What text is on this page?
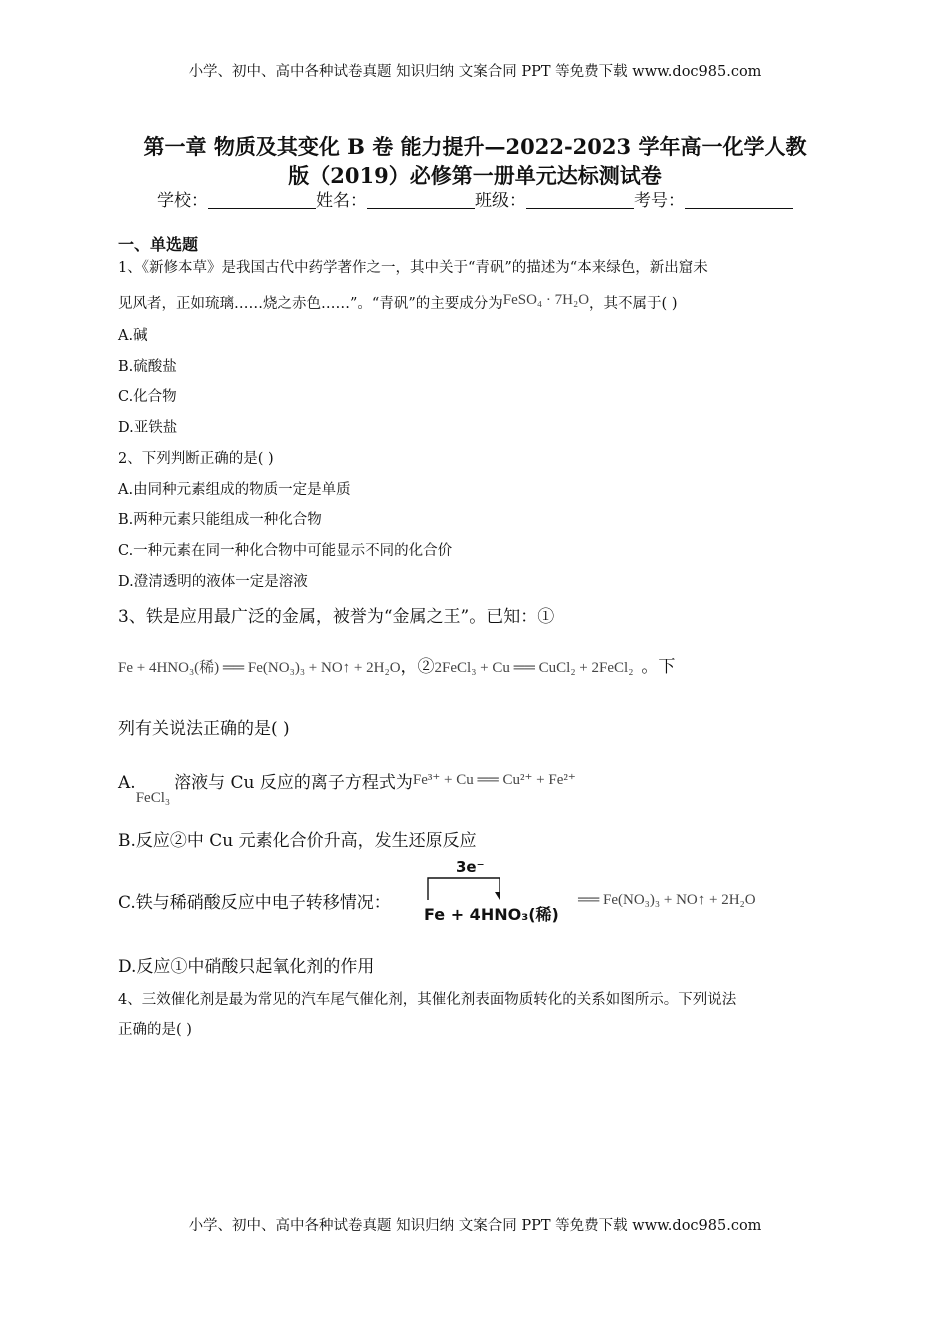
小学、初中、高中各种试卷真题 知识归纳 文案合同 PPT 等免费下载 www.doc985.com
第一章 物质及其变化 B 卷 能力提升—2022-2023 学年高一化学人教
版（2019）必修第一册单元达标测试卷
学校：	姓名：	班级：	考号：
一、单选题
1、《新修本草》是我国古代中药学著作之一，其中关于“青矾”的描述为“本来绿色，新出窟未
见风者，正如琉璃……烧之赤色……”。“青矾”的主要成分为FeSO₄ · 7H₂O，其不属于( )
A.碱
B.硫酸盐
C.化合物
D.亚铁盐
2、下列判断正确的是( )
A.由同种元素组成的物质一定是单质
B.两种元素只能组成一种化合物
C.一种元素在同一种化合物中可能显示不同的化合价
D.澄清透明的液体一定是溶液
3、铁是应用最广泛的金属，被誉为“金属之王”。已知：①
Fe + 4HNO₃(稀) ══ Fe(NO₃)₃ + NO↑ + 2H₂O，②2FeCl₃ + Cu ══ CuCl₂ + 2FeCl₂ 。下
列有关说法正确的是( )
A.FeCl₃溶液与 Cu 反应的离子方程式为Fe³⁺ + Cu ══ Cu²⁺ + Fe²⁺
B.反应②中 Cu 元素化合价升高，发生还原反应
C.铁与稀硝酸反应中电子转移情况：
3e⁻
Fe + 4HNO₃(稀)
══ Fe(NO₃)₃ + NO↑ + 2H₂O
D.反应①中硝酸只起氧化剂的作用
4、三效催化剂是最为常见的汽车尾气催化剂，其催化剂表面物质转化的关系如图所示。下列说法
正确的是( )
小学、初中、高中各种试卷真题 知识归纳 文案合同 PPT 等免费下载 www.doc985.com
